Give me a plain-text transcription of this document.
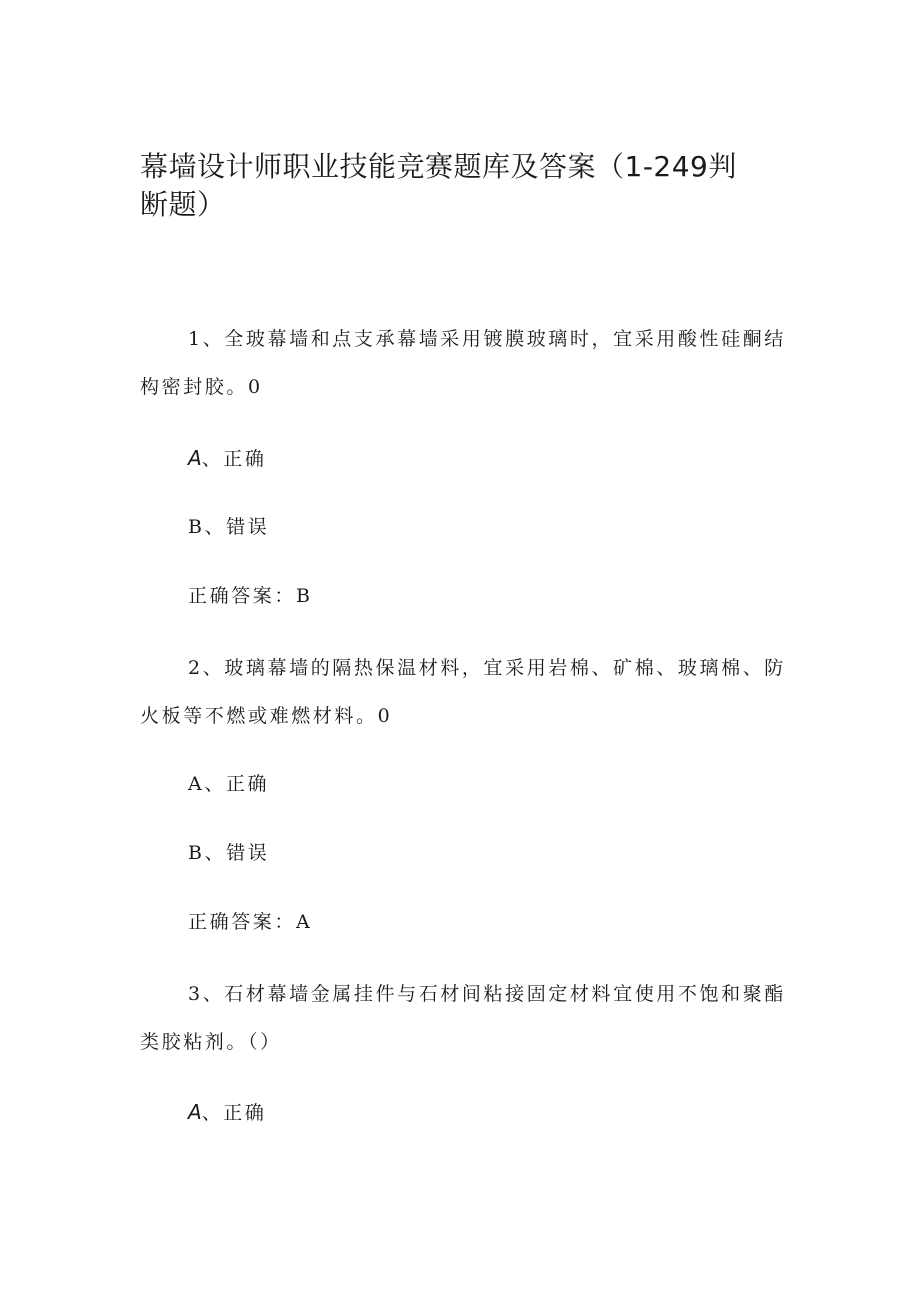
幕墙设计师职业技能竞赛题库及答案（1-249判断题）

1、全玻幕墙和点支承幕墙采用镀膜玻璃时，宜采用酸性硅酮结构密封胶。0

A、正确

B、错误

正确答案：B

2、玻璃幕墙的隔热保温材料，宜采用岩棉、矿棉、玻璃棉、防火板等不燃或难燃材料。0

A、正确

B、错误

正确答案：A

3、石材幕墙金属挂件与石材间粘接固定材料宜使用不饱和聚酯类胶粘剂。（）

A、正确
